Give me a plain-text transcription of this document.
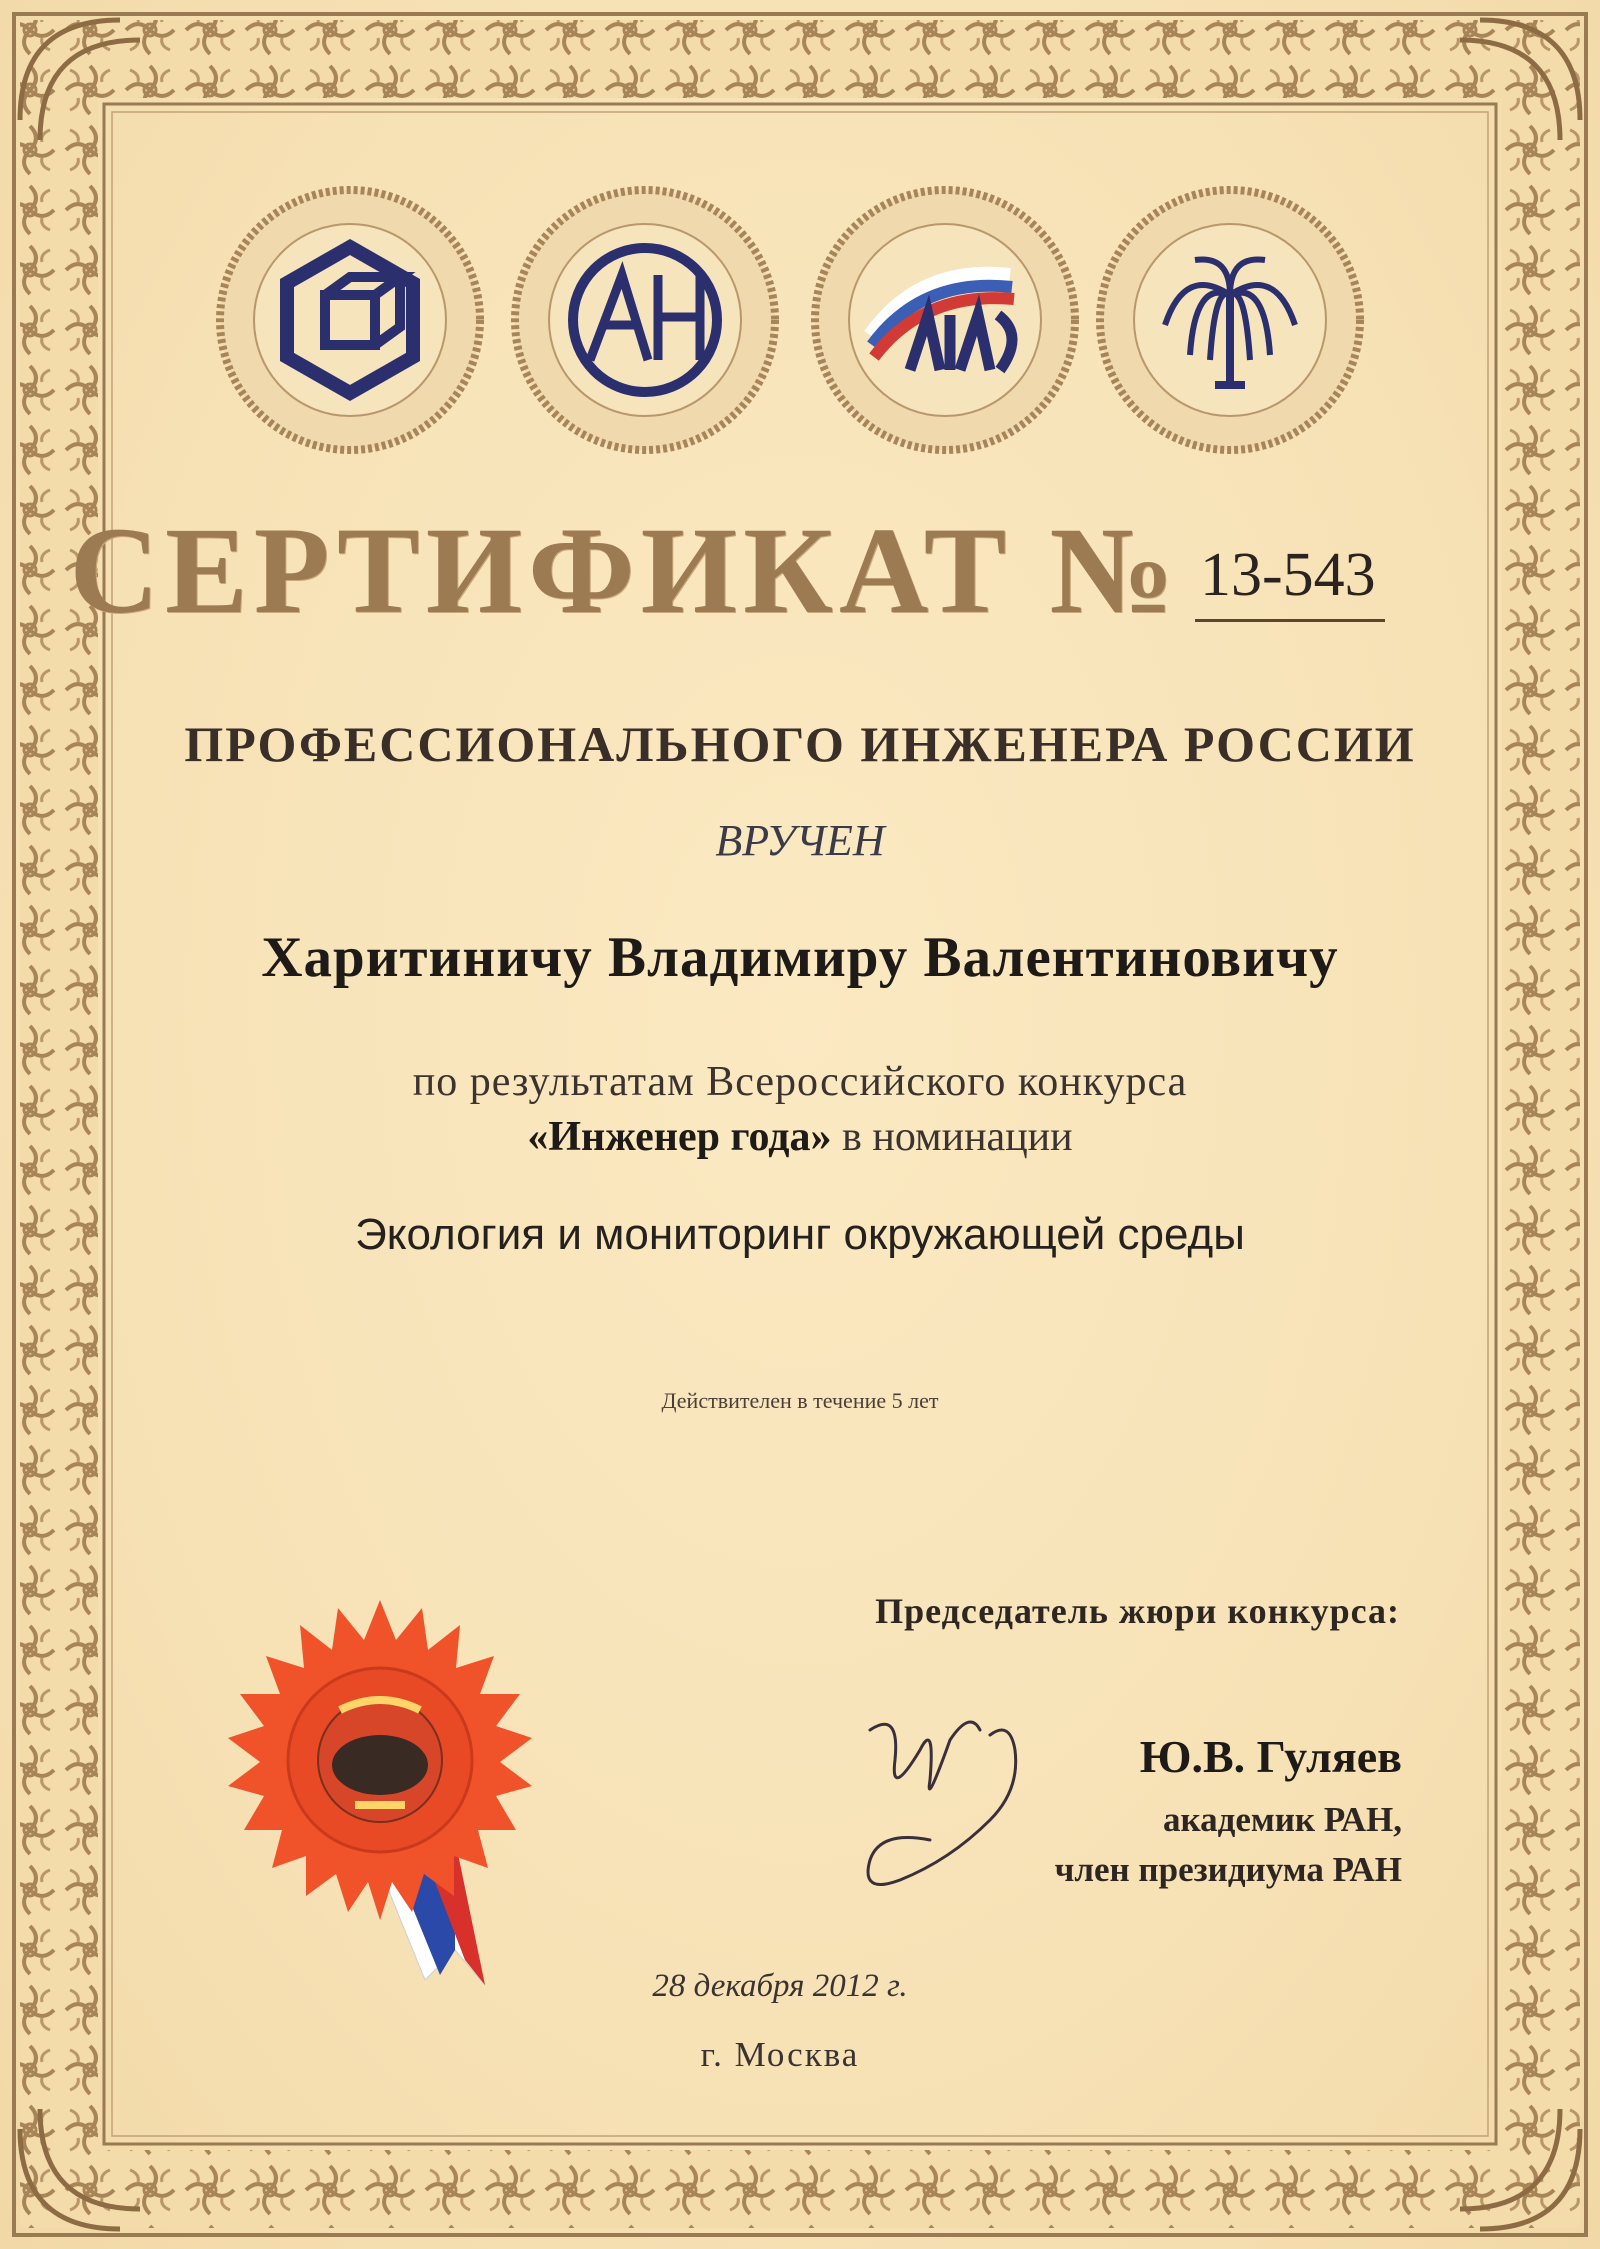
СЕРТИФИКАТ № 13-543
ПРОФЕССИОНАЛЬНОГО ИНЖЕНЕРА РОССИИ
ВРУЧЕН
Харитиничу Владимиру Валентиновичу
по результатам Всероссийского конкурса
«Инженер года» в номинации
Экология и мониторинг окружающей среды
Действителен в течение 5 лет
Председатель жюри конкурса:
Ю.В. Гуляев
академик РАН,
член президиума РАН
28 декабря 2012 г.
г. Москва
